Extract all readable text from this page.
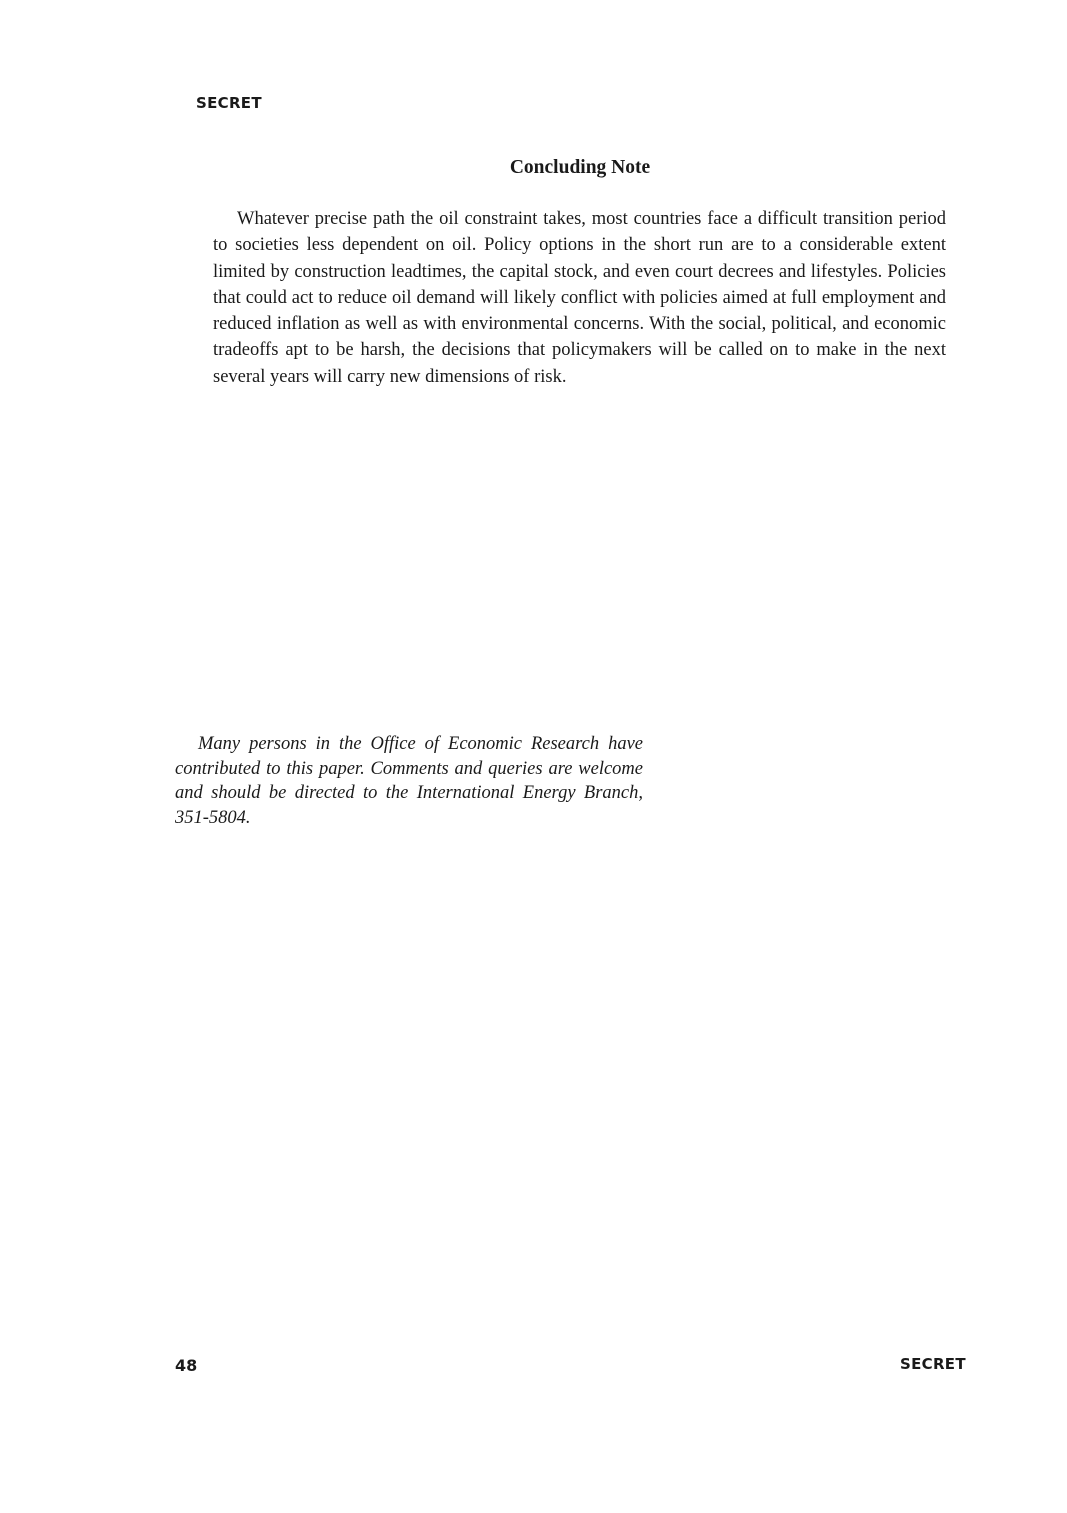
SECRET
Concluding Note

Whatever precise path the oil constraint takes, most countries face a difficult transition period to societies less dependent on oil. Policy options in the short run are to a considerable extent limited by construction leadtimes, the capital stock, and even court decrees and lifestyles. Policies that could act to reduce oil demand will likely conflict with policies aimed at full employment and reduced inflation as well as with environmental concerns. With the social, political, and economic tradeoffs apt to be harsh, the decisions that policymakers will be called on to make in the next several years will carry new dimensions of risk.

Many persons in the Office of Economic Research have contributed to this paper. Comments and queries are welcome and should be directed to the International Energy Branch, 351-5804.

48	SECRET
